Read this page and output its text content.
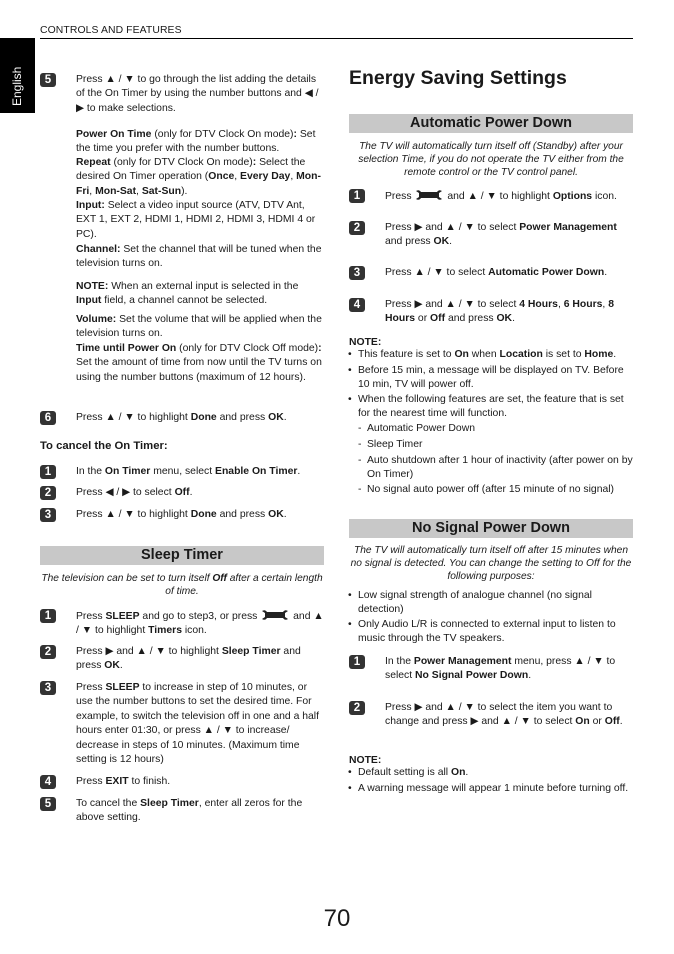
CONTROLS AND FEATURES
English	5	Press ▲ / ▼ to go through the list adding the details of the On Timer by using the number buttons and ◀ / ▶ to make selections.
Power On Time (only for DTV Clock On mode): Set the time you prefer with the number buttons.
Repeat (only for DTV Clock On mode): Select the desired On Timer operation (Once, Every Day, Mon-Fri, Mon-Sat, Sat-Sun).
Input: Select a video input source (ATV, DTV Ant, EXT 1, EXT 2, HDMI 1, HDMI 2, HDMI 3, HDMI 4 or PC).
Channel: Set the channel that will be tuned when the television turns on.
NOTE: When an external input is selected in the Input field, a channel cannot be selected.
Volume: Set the volume that will be applied when the television turns on.
Time until Power On (only for DTV Clock Off mode): Set the amount of time from now until the TV turns on using the number buttons (maximum of 12 hours).
6	Press ▲ / ▼ to highlight Done and press OK.
To cancel the On Timer:
1	In the On Timer menu, select Enable On Timer.
2	Press ◀ / ▶ to select Off.
3	Press ▲ / ▼ to highlight Done and press OK.
Sleep Timer
The television can be set to turn itself Off after a certain length of time.
1	Press SLEEP and go to step3, or press	and ▲ / ▼ to highlight Timers icon.
2	Press ▶ and ▲ / ▼ to highlight Sleep Timer and press OK.
3	Press SLEEP to increase in step of 10 minutes, or use the number buttons to set the desired time. For example, to switch the television off in one and a half hours enter 01:30, or press ▲ / ▼ to increase/ decrease in steps of 10 minutes. (Maximum time setting is 12 hours)
4	Press EXIT to finish.
5	To cancel the Sleep Timer, enter all zeros for the above setting.
Energy Saving Settings
Automatic Power Down
The TV will automatically turn itself off (Standby) after your selection Time, if you do not operate the TV either from the remote control or the TV control panel.
1	Press	and ▲ / ▼ to highlight Options icon.
2	Press ▶ and ▲ / ▼ to select Power Management and press OK.
3	Press ▲ / ▼ to select Automatic Power Down.
4	Press ▶ and ▲ / ▼ to select 4 Hours, 6 Hours, 8 Hours or Off and press OK.
NOTE:
• This feature is set to On when Location is set to Home.
• Before 15 min, a message will be displayed on TV. Before 10 min, TV will power off.
• When the following features are set, the feature that is set for the nearest time will function.
- Automatic Power Down
- Sleep Timer
- Auto shutdown after 1 hour of inactivity (after power on by On Timer)
- No signal auto power off (after 15 minute of no signal)
No Signal Power Down
The TV will automatically turn itself off after 15 minutes when no signal is detected. You can change the setting to Off for the following purposes:
• Low signal strength of analogue channel (no signal detection)
• Only Audio L/R is connected to external input to listen to music through the TV speakers.
1	In the Power Management menu, press ▲ / ▼ to select No Signal Power Down.
2	Press ▶ and ▲ / ▼ to select the item you want to change and press ▶ and ▲ / ▼ to select On or Off.
NOTE:
• Default setting is all On.
• A warning message will appear 1 minute before turning off.
70
